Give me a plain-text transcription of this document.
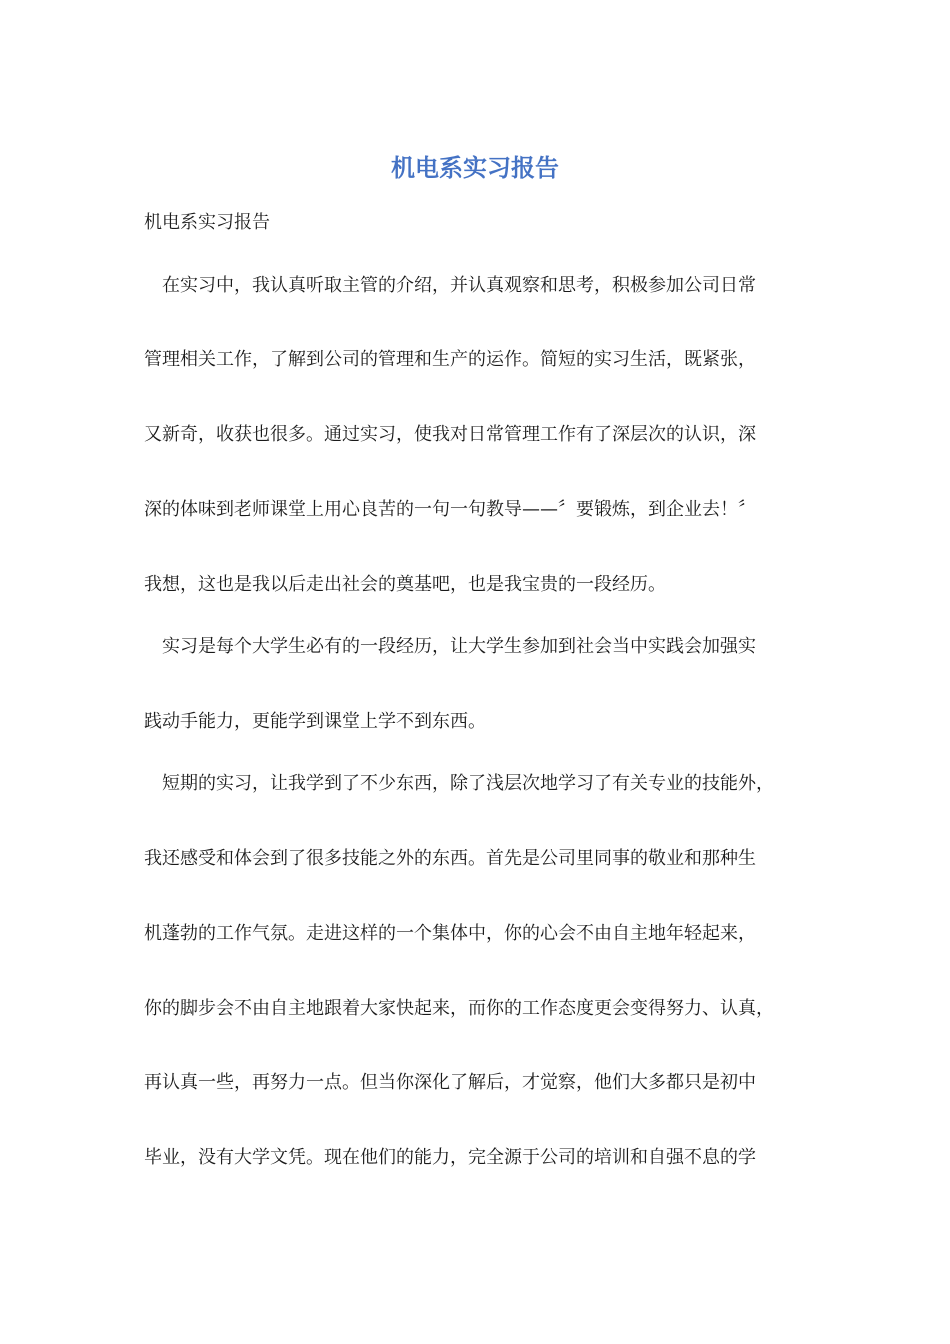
机电系实习报告

机电系实习报告

　在实习中，我认真听取主管的介绍，并认真观察和思考，积极参加公司日常

管理相关工作，了解到公司的管理和生产的运作。简短的实习生活，既紧张，

又新奇，收获也很多。通过实习，使我对日常管理工作有了深层次的认识，深

深的体味到老师课堂上用心良苦的一句一句教导——〞要锻炼，到企业去！〞

我想，这也是我以后走出社会的奠基吧，也是我宝贵的一段经历。

　实习是每个大学生必有的一段经历，让大学生参加到社会当中实践会加强实

践动手能力，更能学到课堂上学不到东西。

　短期的实习，让我学到了不少东西，除了浅层次地学习了有关专业的技能外，

我还感受和体会到了很多技能之外的东西。首先是公司里同事的敬业和那种生

机蓬勃的工作气氛。走进这样的一个集体中，你的心会不由自主地年轻起来，

你的脚步会不由自主地跟着大家快起来，而你的工作态度更会变得努力、认真，

再认真一些，再努力一点。但当你深化了解后，才觉察，他们大多都只是初中

毕业，没有大学文凭。现在他们的能力，完全源于公司的培训和自强不息的学
